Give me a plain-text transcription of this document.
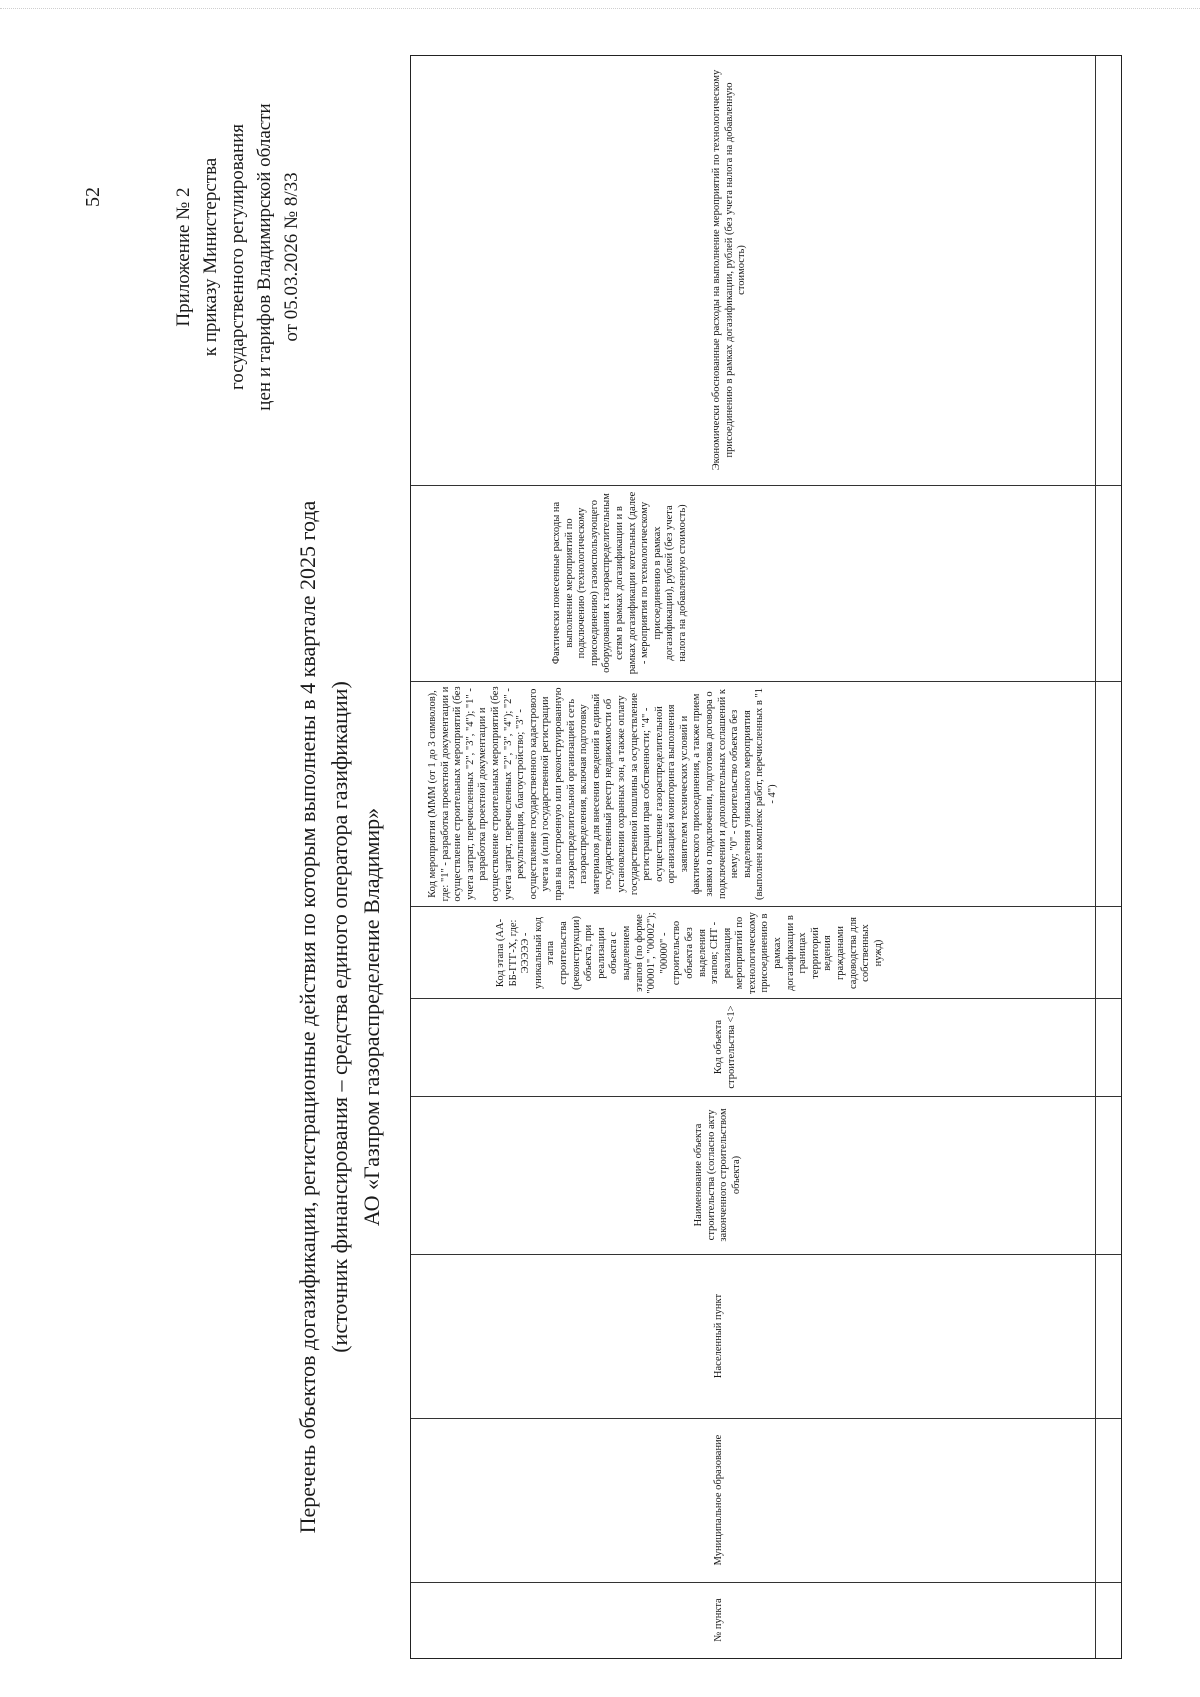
52	Приложение № 2 к приказу Министерства государственного регулирования цен и тарифов Владимирской области от 05.03.2026 № 8/33
Перечень объектов догазификации, регистрационные действия по которым выполнены в 4 квартале 2025 года (источник финансирования – средства единого оператора газификации) АО «Газпром газораспределение Владимир»
№ пункта
Муниципальное образование
Населенный пункт
Наименование объекта строительства (согласно акту законченного строительством объекта)
Код объекта строительства <1>
Код этапа (АА-ББ-ГГГ-Х, где: ЭЭЭЭЭ - уникальный код этапа строительства (реконструкции) объекта, при реализации объекта с выделением этапов (по форме "00001", "00002"); "00000" - строительство объекта без выделения этапов; СНТ - реализация мероприятий по технологическому присоединению в рамках догазификации в границах территорий ведения гражданами садоводства для собственных нужд)
Код мероприятия (МММ (от 1 до 3 символов), где: "1" - разработка проектной документации и осуществление строительных мероприятий (без учета затрат, перечисленных "2", "3", "4"); "1" - разработка проектной документации и осуществление строительных мероприятий (без учета затрат, перечисленных "2", "3", "4"); "2" - рекультивация, благоустройство; "3" - осуществление государственного кадастрового учета и (или) государственной регистрации прав на построенную или реконструированную газораспределительной организацией сеть газораспределения, включая подготовку материалов для внесения сведений в единый государственный реестр недвижимости об установлении охранных зон, а также оплату государственной пошлины за осуществление регистрации прав собственности; "4" - осуществление газораспределительной организацией мониторинга выполнения заявителем технических условий и фактического присоединения, а также прием заявки о подключении, подготовка договора о подключении и дополнительных соглашений к нему; "0" - строительство объекта без выделения уникального мероприятия (выполнен комплекс работ, перечисленных в "1 - 4")
Фактически понесенные расходы на выполнение мероприятий по подключению (технологическому присоединению) газоиспользующего оборудования к газораспределительным сетям в рамках догазификации и в рамках догазификации котельных (далее - мероприятия по технологическому присоединению в рамках догазификации), рублей (без учета налога на добавленную стоимость)
Экономически обоснованные расходы на выполнение мероприятий по технологическому присоединению в рамках догазификации, рублей (без учета налога на добавленную стоимость)
